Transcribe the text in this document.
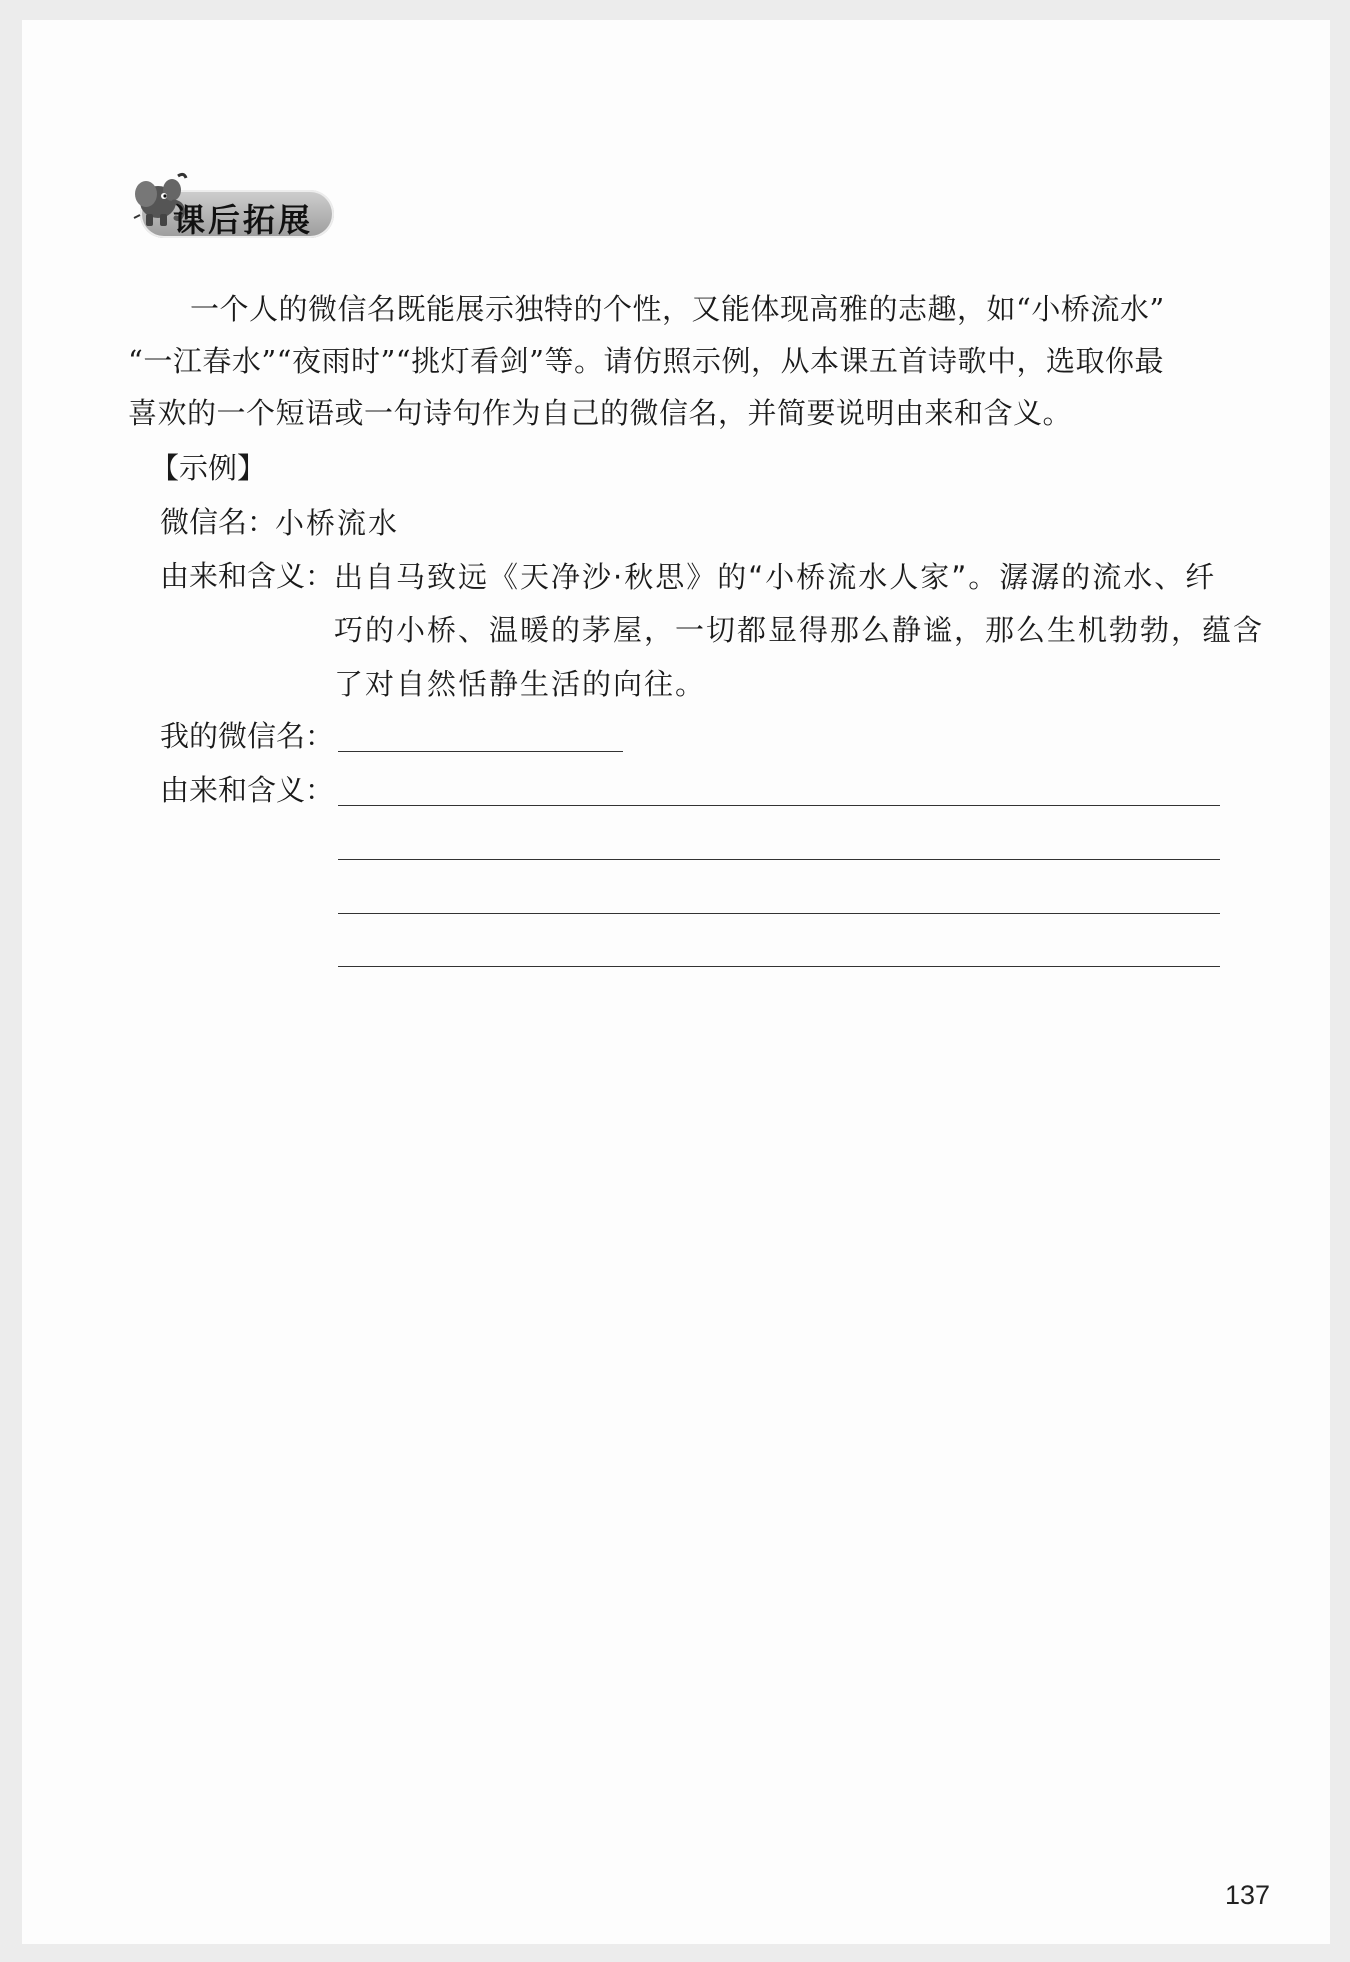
课后拓展
一个人的微信名既能展示独特的个性，又能体现高雅的志趣，如“小桥流水”
“一江春水”“夜雨时”“挑灯看剑”等。请仿照示例，从本课五首诗歌中，选取你最
喜欢的一个短语或一句诗句作为自己的微信名，并简要说明由来和含义。
【示例】
微信名：
小桥流水
由来和含义： 出自马致远《天净沙·秋思》的“小桥流水人家”。潺潺的流水、纤
巧的小桥、温暖的茅屋，一切都显得那么静谧，那么生机勃勃，蕴含
了对自然恬静生活的向往。
我的微信名：
由来和含义：
137
